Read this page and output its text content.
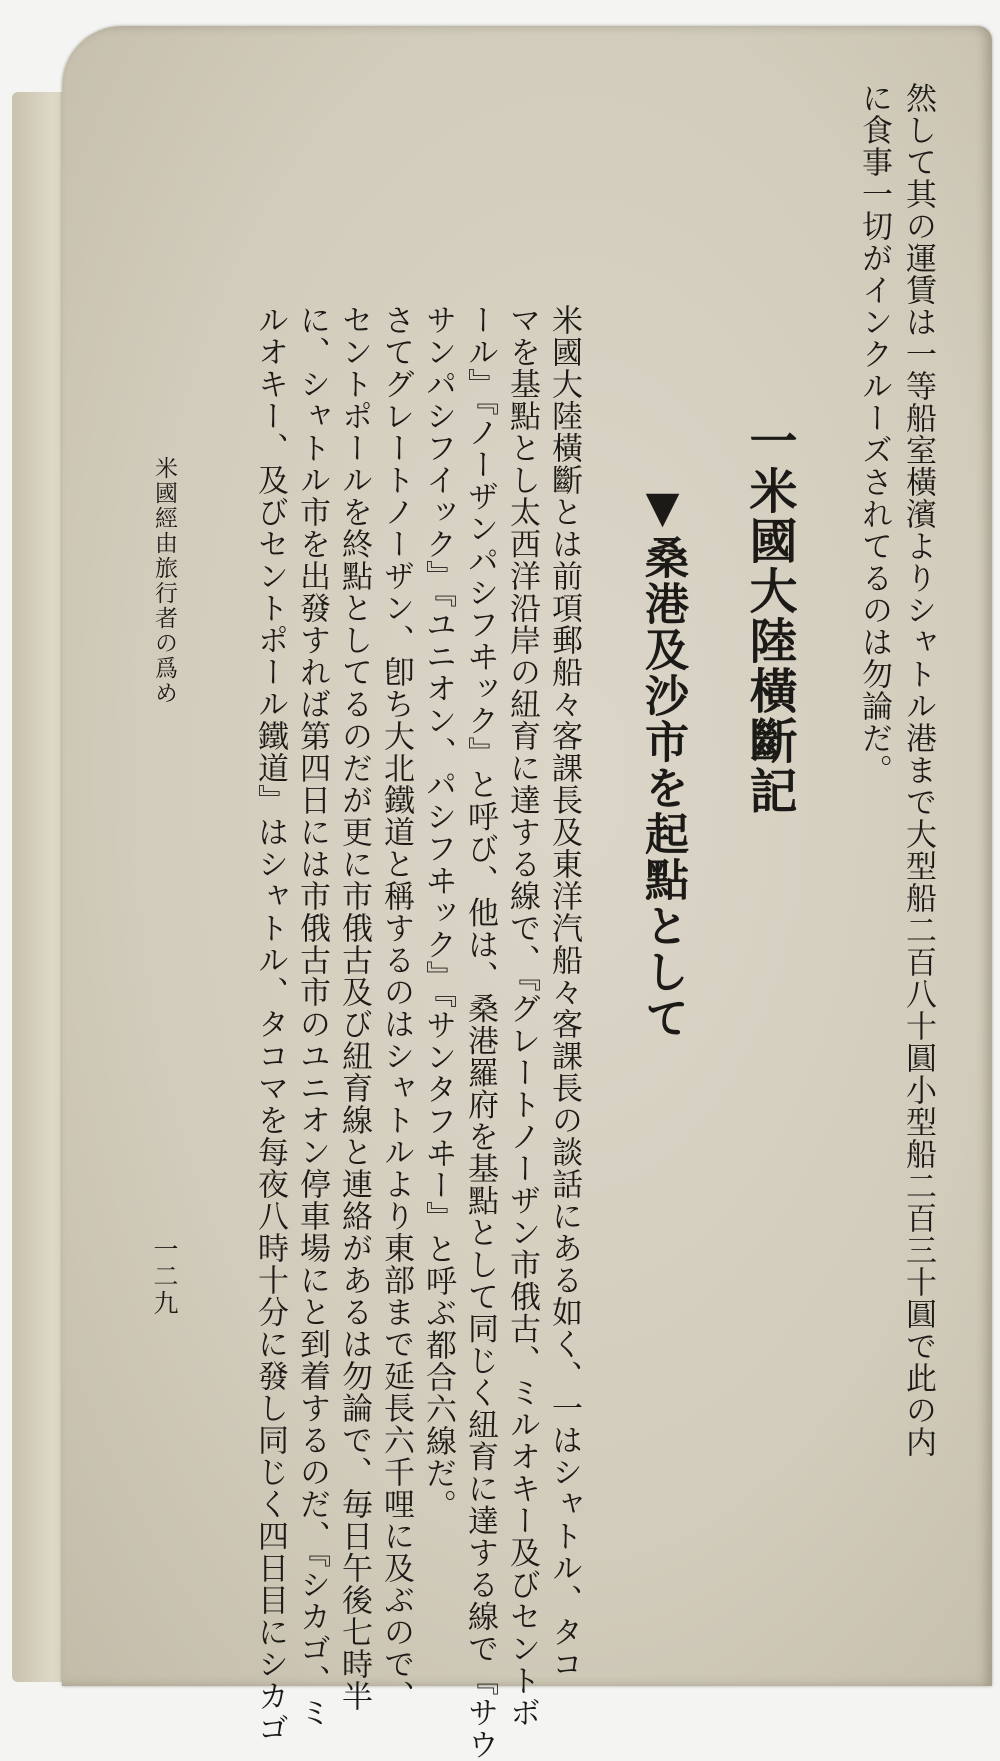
然して其の運賃は一等船室橫濱よりシャトル港まで大型船二百八十圓小型船二百三十圓で此の内
に食事一切がインクルーズされてるのは勿論だ。
一米國大陸橫斷記
▼桑港及沙市を起點として
米國大陸橫斷とは前項郵船々客課長及東洋汽船々客課長の談話にある如く、一はシャトル、タコ
マを基點とし太西洋沿岸の紐育に達する線で、『グレートノーザン市俄古、ミルオキー及びセントボ
ール』『ノーザンパシフヰック』と呼び、他は、桑港羅府を基點として同じく紐育に達する線で『サウ
サンパシフイック』『ユニオン、パシフヰック』『サンタフヰー』と呼ぶ都合六線だ。
さてグレートノーザン、卽ち大北鐵道と稱するのはシャトルより東部まで延長六千哩に及ぶので、
セントポールを終點としてるのだが更に市俄古及び紐育線と連絡があるは勿論で、毎日午後七時半
に、シャトル市を出發すれば第四日には市俄古市のユニオン停車場にと到着するのだ、『シカゴ、ミ
ルオキー、及びセントポール鐵道』はシャトル、タコマを每夜八時十分に發し同じく四日目にシカゴ
米國經由旅行者の爲め
一二九
